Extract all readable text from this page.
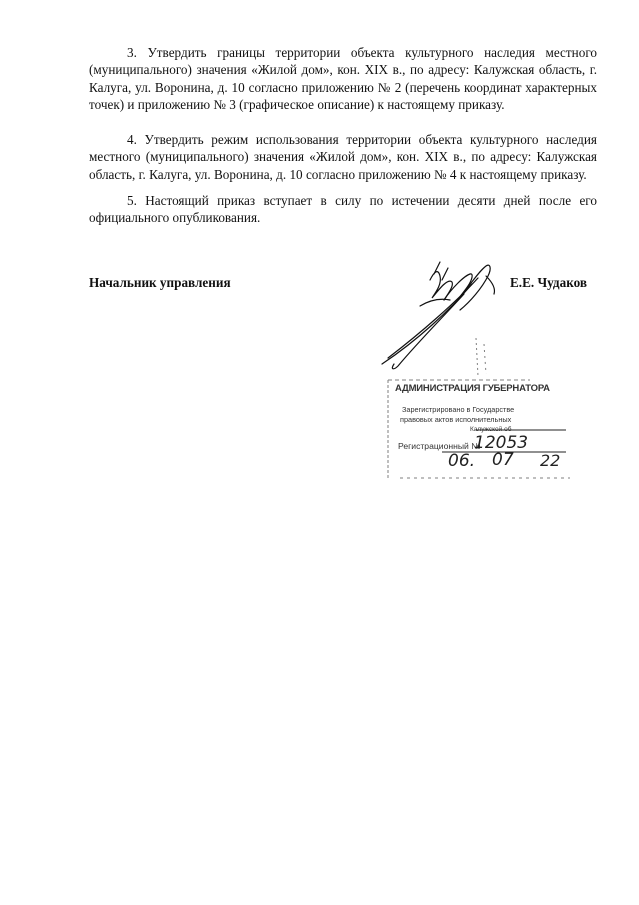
3. Утвердить границы территории объекта культурного наследия местного (муниципального) значения «Жилой дом», кон. XIX в., по адресу: Калужская область, г. Калуга, ул. Воронина, д. 10 согласно приложению № 2 (перечень координат характерных точек) и приложению № 3 (графическое описание) к настоящему приказу.

4. Утвердить режим использования территории объекта культурного наследия местного (муниципального) значения «Жилой дом», кон. XIX в., по адресу: Калужская область, г. Калуга, ул. Воронина, д. 10 согласно приложению № 4 к настоящему приказу.

5. Настоящий приказ вступает в силу по истечении десяти дней после его официального опубликования.

Начальник управления	Е.Е. Чудаков
АДМИНИСТРАЦИЯ ГУБЕРНАТОРА
Зарегистрировано в Государстве
правовых актов исполнительных
Калужской об
Регистрационный №
12053
06. 07 22
